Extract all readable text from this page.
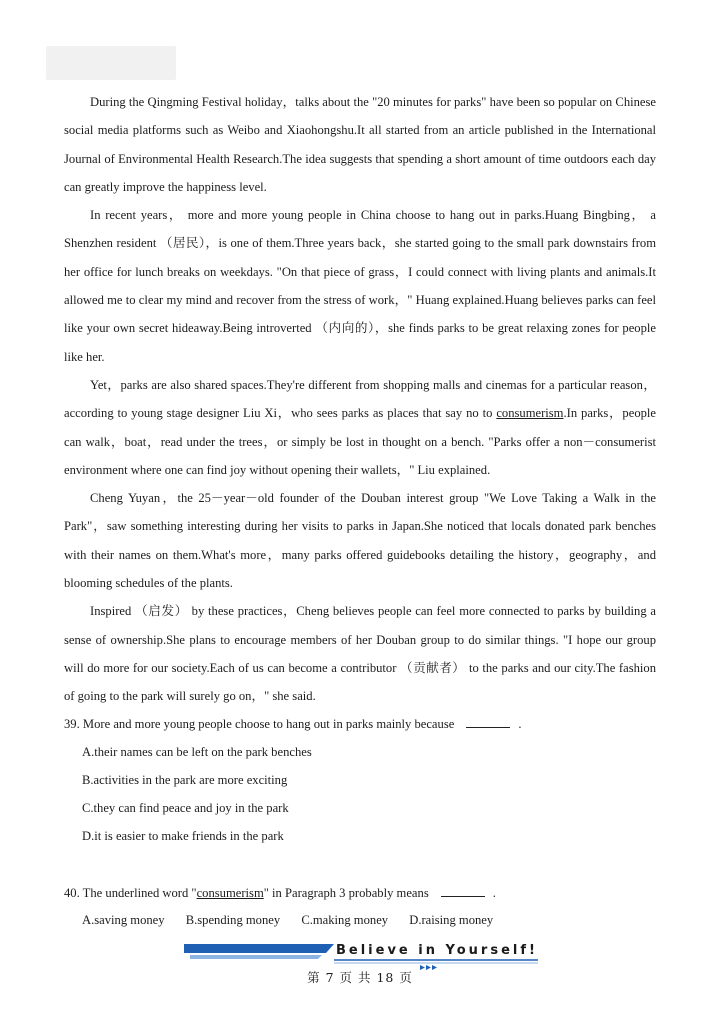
During the Qingming Festival holiday，talks about the "20 minutes for parks" have been so popular on Chinese social media platforms such as Weibo and Xiaohongshu.It all started from an article published in the International Journal of Environmental Health Research.The idea suggests that spending a short amount of time outdoors each day can greatly improve the happiness level.

In recent years， more and more young people in China choose to hang out in parks.Huang Bingbing， a Shenzhen resident （居民），is one of them.Three years back，she started going to the small park downstairs from her office for lunch breaks on weekdays. "On that piece of grass，I could connect with living plants and animals.It allowed me to clear my mind and recover from the stress of work，" Huang explained.Huang believes parks can feel like your own secret hideaway.Being introverted （内向的），she finds parks to be great relaxing zones for people like her.

Yet，parks are also shared spaces.They're different from shopping malls and cinemas for a particular reason，according to young stage designer Liu Xi，who sees parks as places that say no to consumerism.In parks，people can walk，boat，read under the trees，or simply be lost in thought on a bench. "Parks offer a non－consumerist environment where one can find joy without opening their wallets，" Liu explained.

Cheng Yuyan，the 25－year－old founder of the Douban interest group "We Love Taking a Walk in the Park"，saw something interesting during her visits to parks in Japan.She noticed that locals donated park benches with their names on them.What's more，many parks offered guidebooks detailing the history，geography，and blooming schedules of the plants.

Inspired （启发） by these practices，Cheng believes people can feel more connected to parks by building a sense of ownership.She plans to encourage members of her Douban group to do similar things. "I hope our group will do more for our society.Each of us can become a contributor （贡献者） to the parks and our city.The fashion of going to the park will surely go on，" she said.

39. More and more young people choose to hang out in parks mainly because	.
A.their names can be left on the park benches
B.activities in the park are more exciting
C.they can find peace and joy in the park
D.it is easier to make friends in the park
40. The underlined word "consumerism" in Paragraph 3 probably means	.
A.saving money B.spending money C.making money D.raising money
Believe in Yourself!
第 7 页 共 18 页
